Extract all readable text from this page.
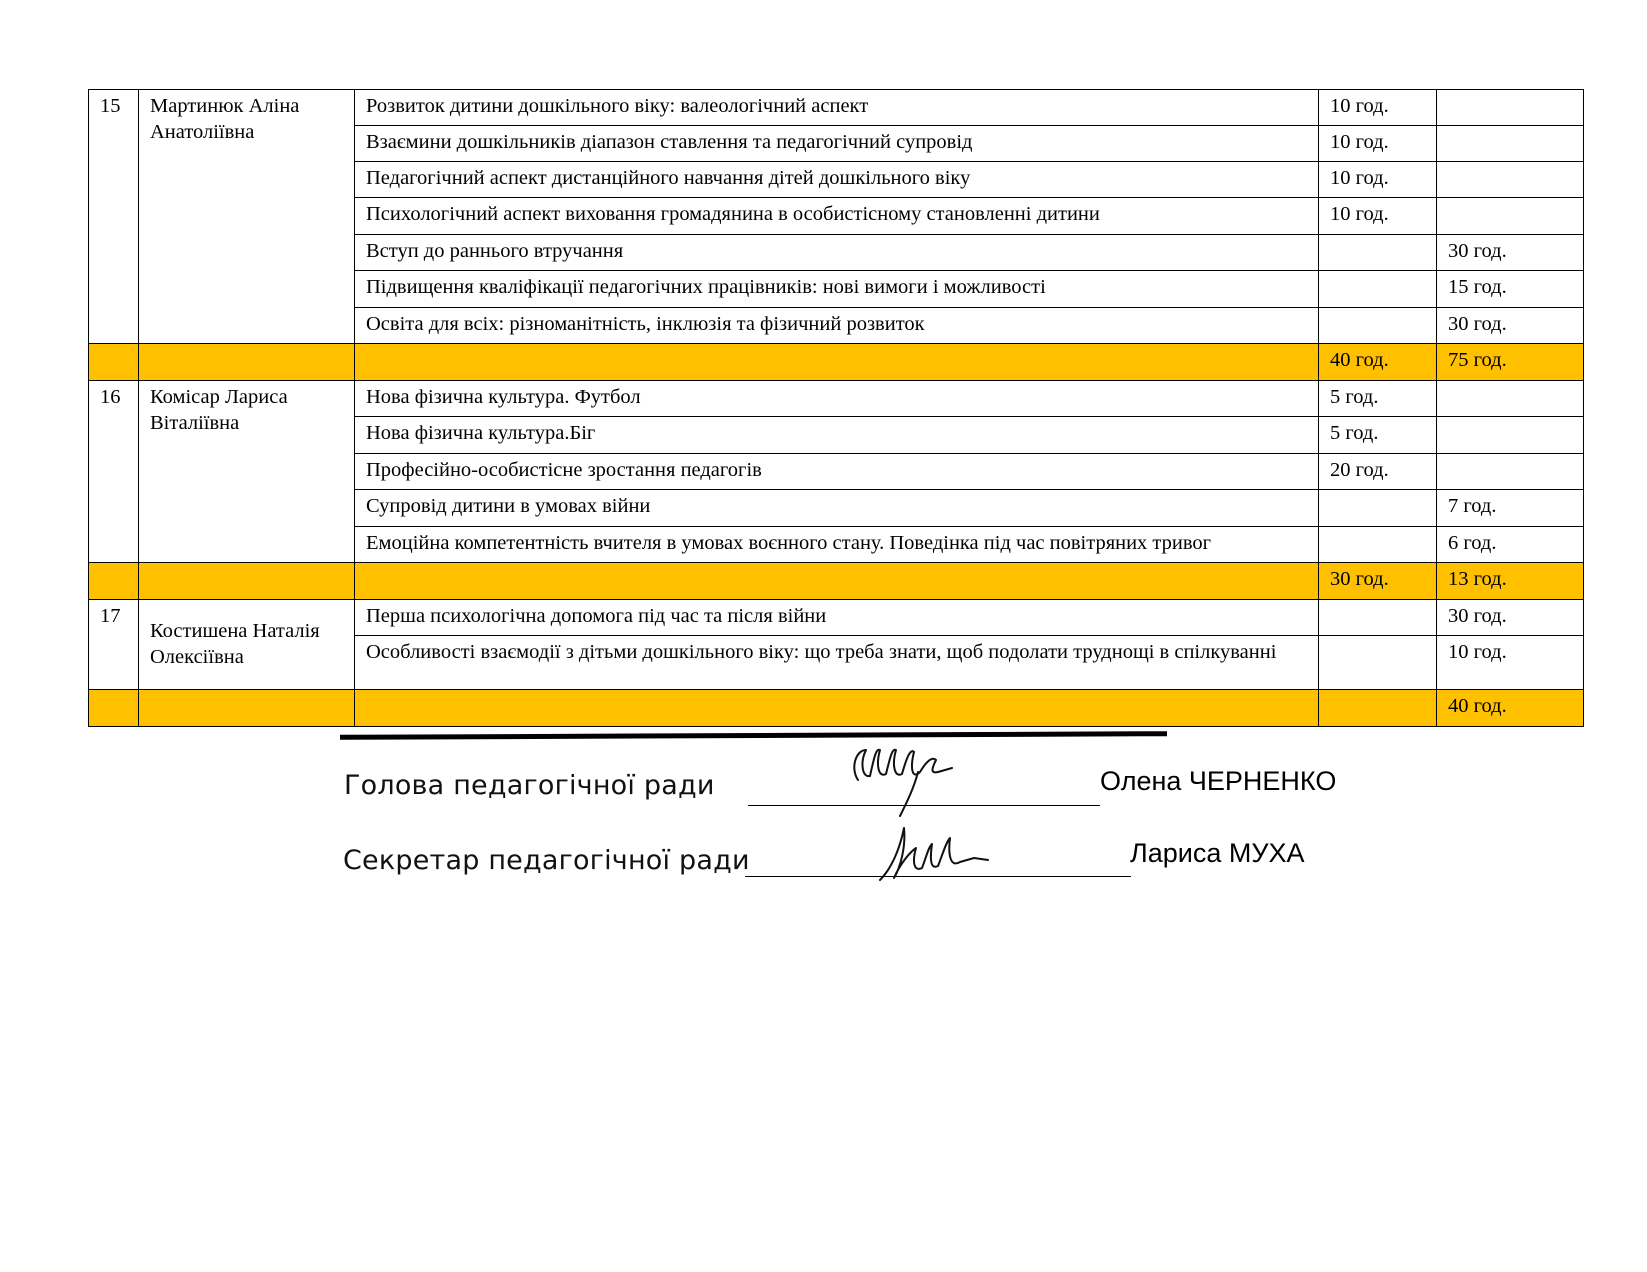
15	Мартинюк Аліна Анатоліївна	Розвиток дитини дошкільного віку: валеологічний аспект	10 год.	
		Взаємини дошкільників діапазон ставлення та педагогічний супровід	10 год.	
		Педагогічний аспект дистанційного навчання дітей дошкільного віку	10 год.	
		Психологічний аспект виховання громадянина в особистісному становленні дитини	10 год.	
		Вступ до раннього втручання		30 год.
		Підвищення кваліфікації педагогічних працівників: нові вимоги і можливості		15 год.
		Освіта для всіх: різноманітність, інклюзія та фізичний розвиток		30 год.
			40 год.	75 год.
16	Комісар Лариса Віталіївна	Нова фізична культура. Футбол	5 год.	
		Нова фізична культура.Біг	5 год.	
		Професійно-особистісне зростання педагогів	20 год.	
		Супровід дитини в умовах війни		7 год.
		Емоційна компетентність вчителя в умовах воєнного стану. Поведінка під час повітряних тривог		6 год.
			30 год.	13 год.
17	Костишена Наталія Олексіївна	Перша психологічна допомога під час та після війни		30 год.
		Особливості взаємодії з дітьми дошкільного віку: що треба знати, щоб подолати труднощі в спілкуванні		10 год.
				40 год.
Голова педагогічної ради	Олена ЧЕРНЕНКО
Секретар педагогічної ради	Лариса МУХА
